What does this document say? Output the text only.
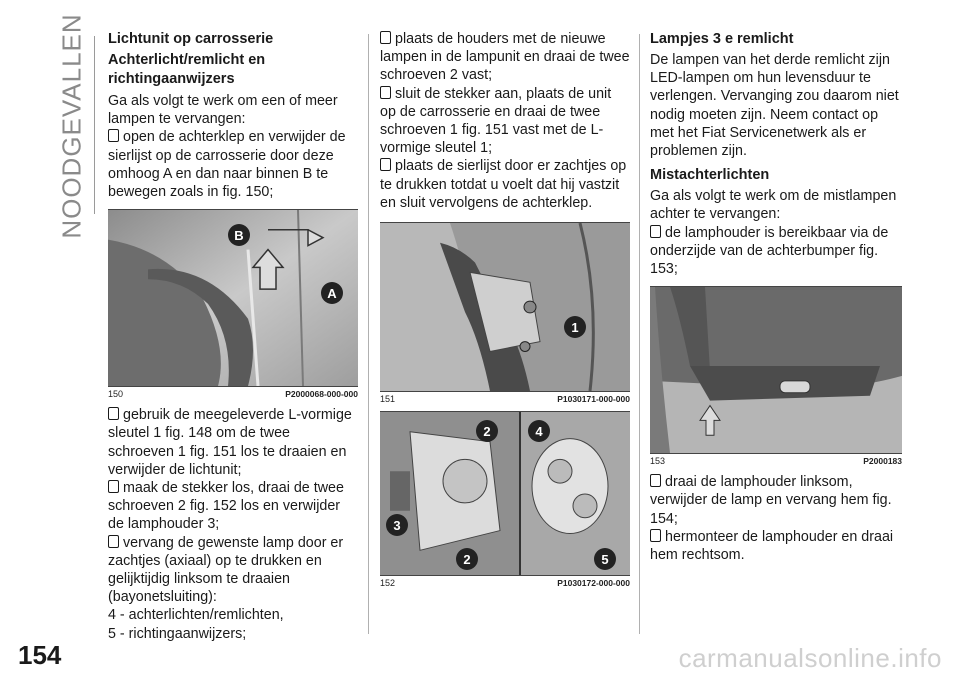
NOODGEVALLEN Lichtunit op carrosserie
Achterlicht/remlicht en richtingaanwijzers

Ga als volgt te werk om een of meer lampen te vervangen:

open de achterklep en verwijder de sierlijst op de carrosserie door deze omhoog A en dan naar binnen B te bewegen zoals in fig. 150;

B
A
150	P2000068-000-000

gebruik de meegeleverde L-vormige sleutel 1 fig. 148 om de twee schroeven 1 fig. 151 los te draaien en verwijder de lichtunit;

maak de stekker los, draai de twee schroeven 2 fig. 152 los en verwijder de lamphouder 3;

vervang de gewenste lamp door er zachtjes (axiaal) op te drukken en gelijktijdig linksom te draaien (bayonetsluiting):

4 - achterlichten/remlichten,

5 - richtingaanwijzers;

plaats de houders met de nieuwe lampen in de lampunit en draai de twee schroeven 2 vast;

sluit de stekker aan, plaats de unit op de carrosserie en draai de twee schroeven 1 fig. 151 vast met de L-vormige sleutel 1;

plaats de sierlijst door er zachtjes op te drukken totdat u voelt dat hij vastzit en sluit vervolgens de achterklep.

1
151	P1030171-000-000
2
3
2
4
5
152	P1030172-000-000
Lampjes 3 e remlicht

De lampen van het derde remlicht zijn LED-lampen om hun levensduur te verlengen. Vervanging zou daarom niet nodig moeten zijn. Neem contact op met het Fiat Servicenetwerk als er problemen zijn.

Mistachterlichten

Ga als volgt te werk om de mistlampen achter te vervangen:

de lamphouder is bereikbaar via de onderzijde van de achterbumper fig. 153;

153	P2000183

draai de lamphouder linksom, verwijder de lamp en vervang hem fig. 154;

hermonteer de lamphouder en draai hem rechtsom.

154	carmanualsonline.info
